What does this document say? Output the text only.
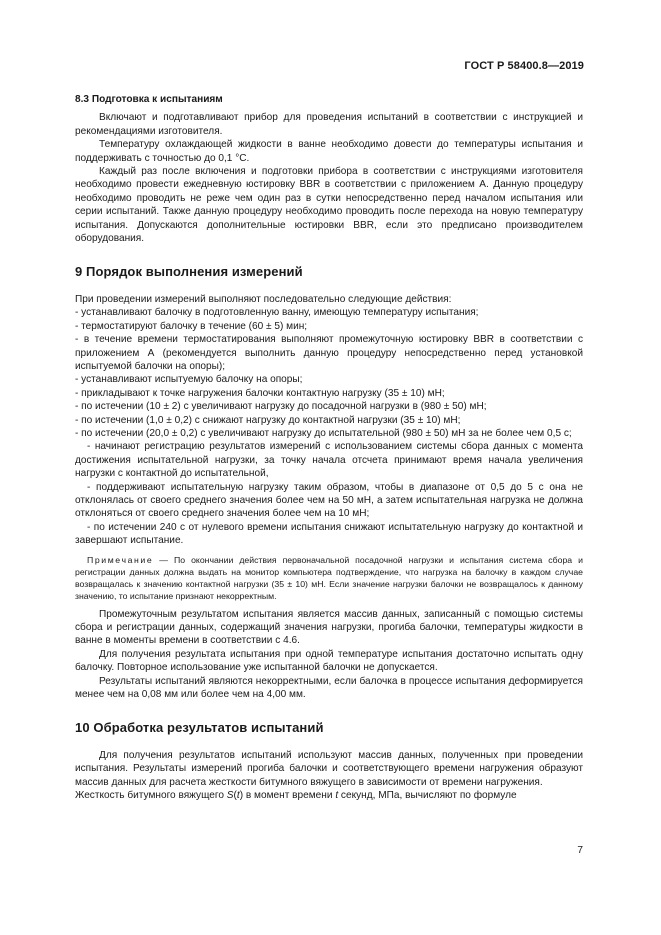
ГОСТ Р 58400.8—2019
8.3 Подготовка к испытаниям

Включают и подготавливают прибор для проведения испытаний в соответствии с инструкцией и рекомендациями изготовителя.

Температуру охлаждающей жидкости в ванне необходимо довести до температуры испытания и поддерживать с точностью до 0,1 °С.

Каждый раз после включения и подготовки прибора в соответствии с инструкциями изготовителя необходимо провести ежедневную юстировку BBR в соответствии с приложением А. Данную процедуру необходимо проводить не реже чем один раз в сутки непосредственно перед началом испытания или серии испытаний. Также данную процедуру необходимо проводить после перехода на новую температуру испытания. Допускаются дополнительные юстировки BBR, если это предписано производителем оборудования.

9 Порядок выполнения измерений

При проведении измерений выполняют последовательно следующие действия:

- устанавливают балочку в подготовленную ванну, имеющую температуру испытания;

- термостатируют балочку в течение (60 ± 5) мин;

- в течение времени термостатирования выполняют промежуточную юстировку BBR в соответствии с приложением А (рекомендуется выполнить данную процедуру непосредственно перед установкой испытуемой балочки на опоры);

- устанавливают испытуемую балочку на опоры;

- прикладывают к точке нагружения балочки контактную нагрузку (35 ± 10) мН;

- по истечении (10 ± 2) с увеличивают нагрузку до посадочной нагрузки в (980 ± 50) мН;

- по истечении (1,0 ± 0,2) с снижают нагрузку до контактной нагрузки (35 ± 10) мН;

- по истечении (20,0 ± 0,2) с увеличивают нагрузку до испытательной (980 ± 50) мН за не более чем 0,5 с;

- начинают регистрацию результатов измерений с использованием системы сбора данных с момента достижения испытательной нагрузки, за точку начала отсчета принимают время начала увеличения нагрузки с контактной до испытательной,

- поддерживают испытательную нагрузку таким образом, чтобы в диапазоне от 0,5 до 5 с она не отклонялась от своего среднего значения более чем на 50 мН, а затем испытательная нагрузка не должна отклоняться от своего среднего значения более чем на 10 мН;

- по истечении 240 с от нулевого времени испытания снижают испытательную нагрузку до контактной и завершают испытание.

Примечание — По окончании действия первоначальной посадочной нагрузки и испытания система сбора и регистрации данных должна выдать на монитор компьютера подтверждение, что нагрузка на балочку в каждом случае возвращалась к значению контактной нагрузки (35 ± 10) мН. Если значение нагрузки балочки не возвращалось к данному значению, то испытание признают некорректным.

Промежуточным результатом испытания является массив данных, записанный с помощью системы сбора и регистрации данных, содержащий значения нагрузки, прогиба балочки, температуры жидкости в ванне в моменты времени в соответствии с 4.6.

Для получения результата испытания при одной температуре испытания достаточно испытать одну балочку. Повторное использование уже испытанной балочки не допускается.

Результаты испытаний являются некорректными, если балочка в процессе испытания деформируется менее чем на 0,08 мм или более чем на 4,00 мм.

10 Обработка результатов испытаний

Для получения результатов испытаний используют массив данных, полученных при проведении испытания. Результаты измерений прогиба балочки и соответствующего времени нагружения образуют массив данных для расчета жесткости битумного вяжущего в зависимости от времени нагружения.

Жесткость битумного вяжущего S(t) в момент времени t секунд, МПа, вычисляют по формуле

7
